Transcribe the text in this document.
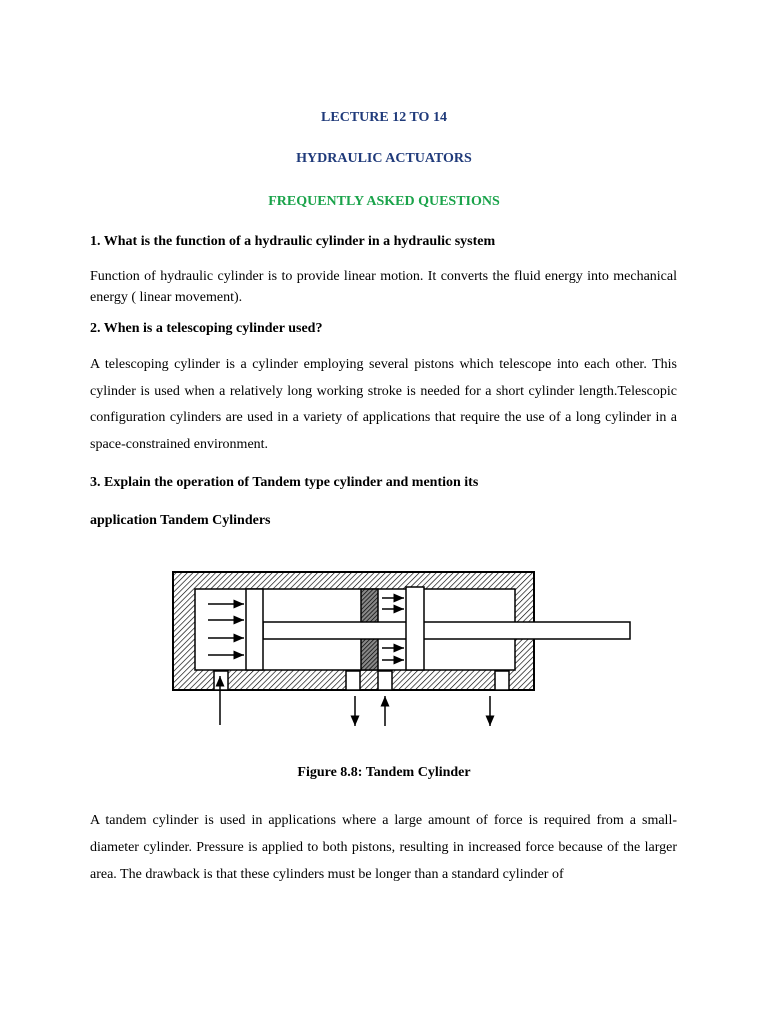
LECTURE 12 TO 14
HYDRAULIC ACTUATORS
FREQUENTLY ASKED QUESTIONS
1. What is the function of a hydraulic cylinder in a hydraulic system
Function of hydraulic cylinder is to provide linear motion. It converts the fluid energy into mechanical energy ( linear movement).
2. When is a telescoping cylinder used?
A telescoping cylinder is a cylinder employing several pistons which telescope into each other. This cylinder is used when a relatively long working stroke is needed for a short cylinder length.Telescopic configuration cylinders are used in a variety of applications that require the use of a long cylinder in a space-constrained environment.
3. Explain the operation of Tandem type cylinder and mention its
application Tandem Cylinders
Figure 8.8: Tandem Cylinder
A tandem cylinder is used in applications where a large amount of force is required from a small-diameter cylinder. Pressure is applied to both pistons, resulting in increased force because of the larger area. The drawback is that these cylinders must be longer than a standard cylinder of
